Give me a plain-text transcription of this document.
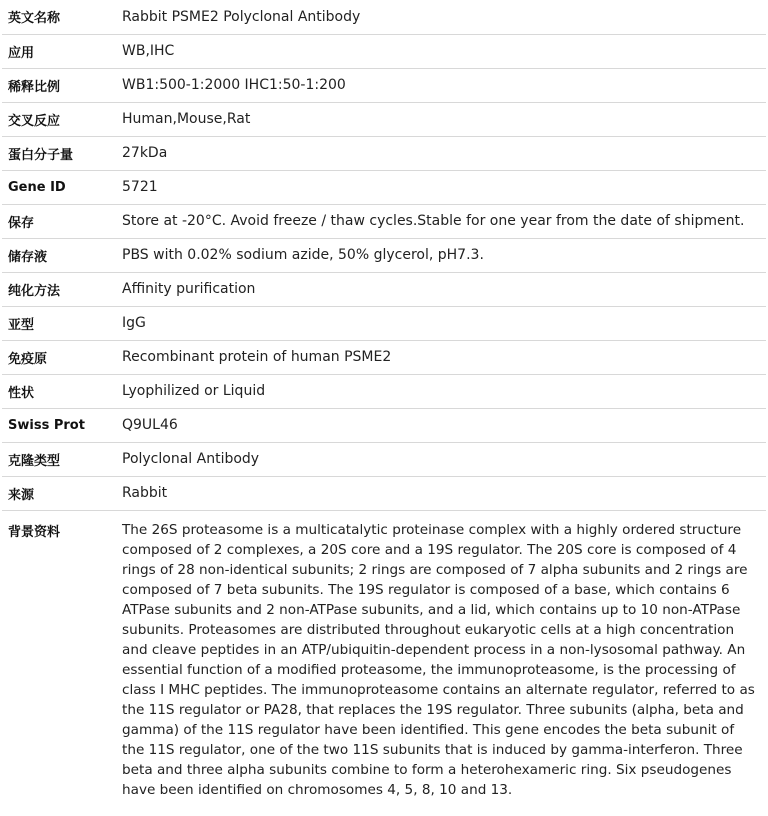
英文名称	Rabbit PSME2 Polyclonal Antibody
应用	WB,IHC
稀释比例	WB1:500-1:2000 IHC1:50-1:200
交叉反应	Human,Mouse,Rat
蛋白分子量	27kDa
Gene ID	5721
保存	Store at -20°C. Avoid freeze / thaw cycles.Stable for one year from the date of shipment.
储存液	PBS with 0.02% sodium azide, 50% glycerol, pH7.3.
纯化方法	Affinity purification
亚型	IgG
免疫原	Recombinant protein of human PSME2
性状	Lyophilized or Liquid
Swiss Prot	Q9UL46
克隆类型	Polyclonal Antibody
来源	Rabbit
背景资料	The 26S proteasome is a multicatalytic proteinase complex with a highly ordered structure composed of 2 complexes, a 20S core and a 19S regulator. The 20S core is composed of 4 rings of 28 non-identical subunits; 2 rings are composed of 7 alpha subunits and 2 rings are composed of 7 beta subunits. The 19S regulator is composed of a base, which contains 6 ATPase subunits and 2 non-ATPase subunits, and a lid, which contains up to 10 non-ATPase subunits. Proteasomes are distributed throughout eukaryotic cells at a high concentration and cleave peptides in an ATP/ubiquitin-dependent process in a non-lysosomal pathway. An essential function of a modified proteasome, the immunoproteasome, is the processing of class I MHC peptides. The immunoproteasome contains an alternate regulator, referred to as the 11S regulator or PA28, that replaces the 19S regulator. Three subunits (alpha, beta and gamma) of the 11S regulator have been identified. This gene encodes the beta subunit of the 11S regulator, one of the two 11S subunits that is induced by gamma-interferon. Three beta and three alpha subunits combine to form a heterohexameric ring. Six pseudogenes have been identified on chromosomes 4, 5, 8, 10 and 13.
